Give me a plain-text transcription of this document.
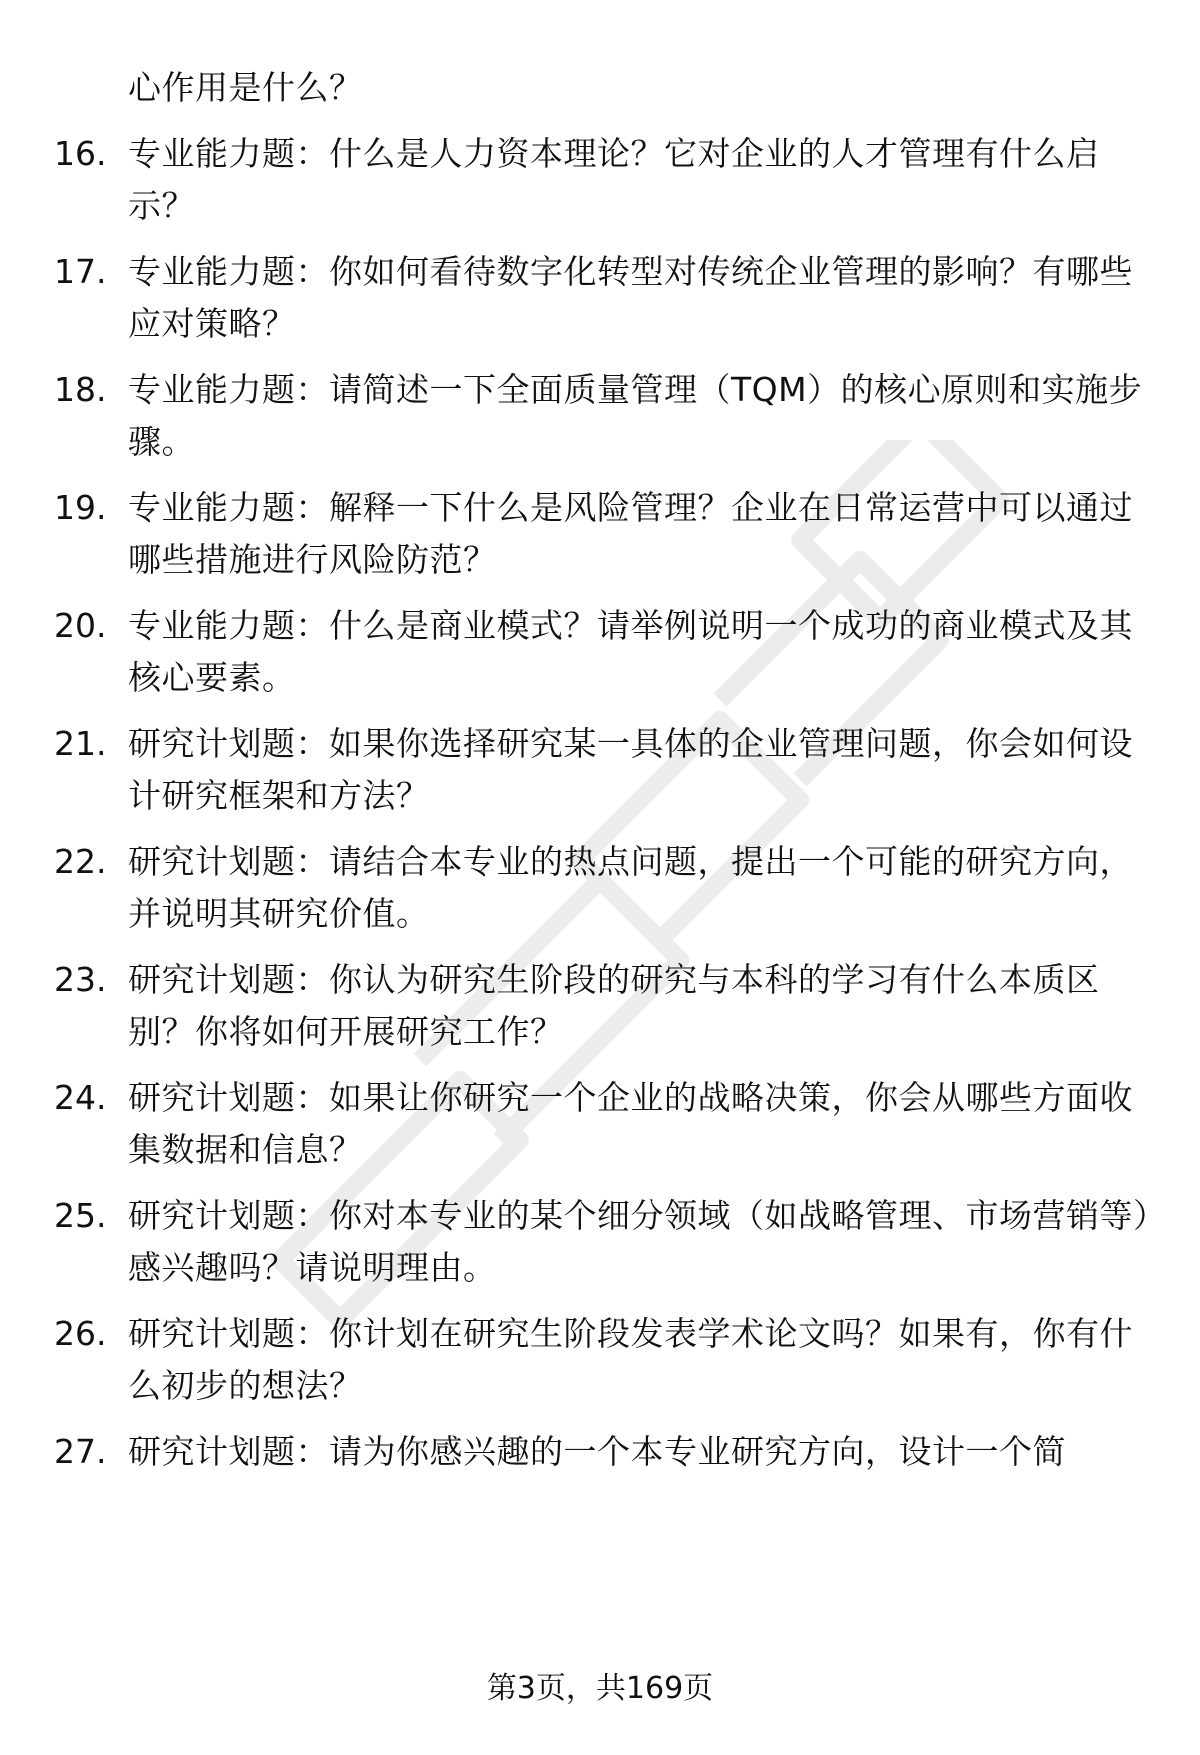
心作用是什么？

16. 专业能力题：什么是人力资本理论？它对企业的人才管理有什么启示？

17. 专业能力题：你如何看待数字化转型对传统企业管理的影响？有哪些应对策略？

18. 专业能力题：请简述一下全面质量管理（TQM）的核心原则和实施步骤。

19. 专业能力题：解释一下什么是风险管理？企业在日常运营中可以通过哪些措施进行风险防范？

20. 专业能力题：什么是商业模式？请举例说明一个成功的商业模式及其核心要素。

21. 研究计划题：如果你选择研究某一具体的企业管理问题，你会如何设计研究框架和方法？

22. 研究计划题：请结合本专业的热点问题，提出一个可能的研究方向，并说明其研究价值。

23. 研究计划题：你认为研究生阶段的研究与本科的学习有什么本质区别？你将如何开展研究工作？

24. 研究计划题：如果让你研究一个企业的战略决策，你会从哪些方面收集数据和信息？

25. 研究计划题：你对本专业的某个细分领域（如战略管理、市场营销等）感兴趣吗？请说明理由。

26. 研究计划题：你计划在研究生阶段发表学术论文吗？如果有，你有什么初步的想法？

27. 研究计划题：请为你感兴趣的一个本专业研究方向，设计一个简

第3页，共169页
